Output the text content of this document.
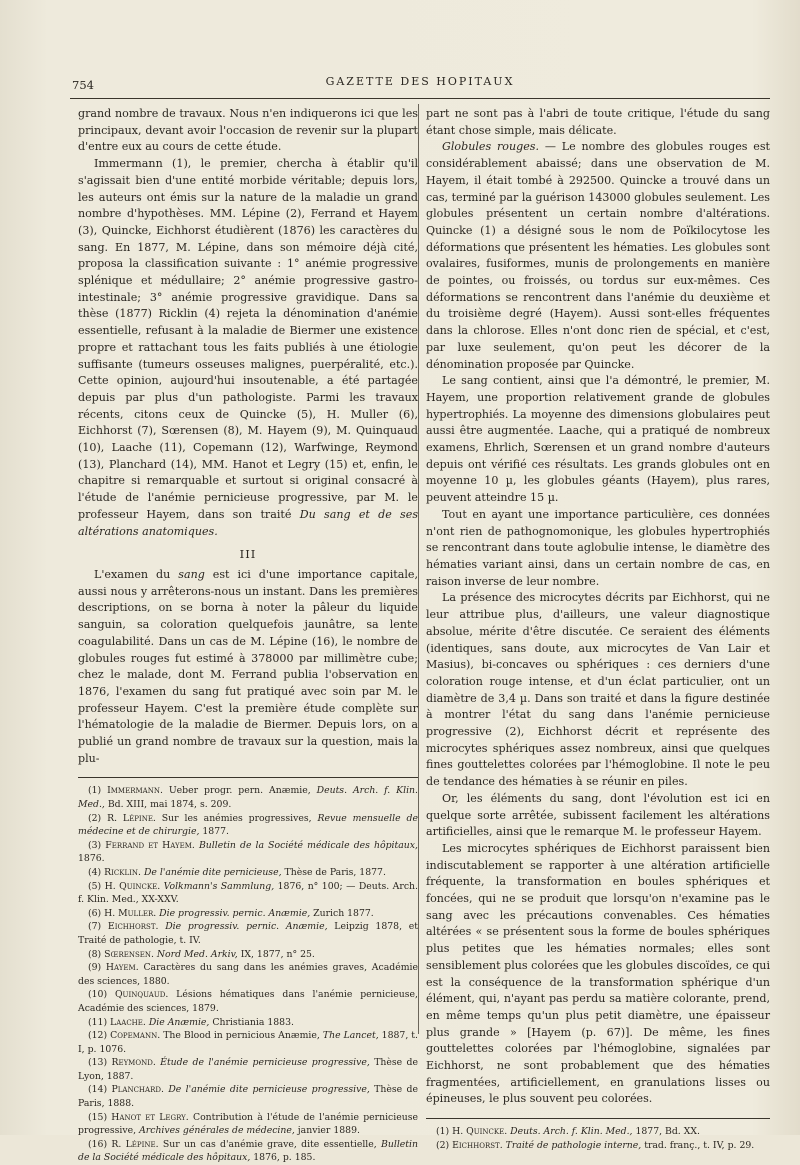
754	GAZETTE DES HOPITAUX

grand nombre de travaux. Nous n'en indiquerons ici que les principaux, devant avoir l'occasion de revenir sur la plupart d'entre eux au cours de cette étude.

Immermann (1), le premier, chercha à établir qu'il s'agissait bien d'une entité morbide véritable; depuis lors, les auteurs ont émis sur la nature de la maladie un grand nombre d'hypothèses. MM. Lépine (2), Ferrand et Hayem (3), Quincke, Eichhorst étudièrent (1876) les caractères du sang. En 1877, M. Lépine, dans son mémoire déjà cité, proposa la classification suivante : 1° anémie progressive splénique et médullaire; 2° anémie progressive gastro-intestinale; 3° anémie progressive gravidique. Dans sa thèse (1877) Ricklin (4) rejeta la dénomination d'anémie essentielle, refusant à la maladie de Biermer une existence propre et rattachant tous les faits publiés à une étiologie suffisante (tumeurs osseuses malignes, puerpéralité, etc.). Cette opinion, aujourd'hui insoutenable, a été partagée depuis par plus d'un pathologiste. Parmi les travaux récents, citons ceux de Quincke (5), H. Muller (6), Eichhorst (7), Sœrensen (8), M. Hayem (9), M. Quinquaud (10), Laache (11), Copemann (12), Warfwinge, Reymond (13), Planchard (14), MM. Hanot et Legry (15) et, enfin, le chapitre si remarquable et surtout si original consacré à l'étude de l'anémie pernicieuse progressive, par M. le professeur Hayem, dans son traité Du sang et de ses altérations anatomiques.

III

L'examen du sang est ici d'une importance capitale, aussi nous y arrêterons-nous un instant. Dans les premières descriptions, on se borna à noter la pâleur du liquide sanguin, sa coloration quelquefois jaunâtre, sa lente coagulabilité. Dans un cas de M. Lépine (16), le nombre de globules rouges fut estimé à 378000 par millimètre cube; chez le malade, dont M. Ferrand publia l'observation en 1876, l'examen du sang fut pratiqué avec soin par M. le professeur Hayem. C'est la première étude complète sur l'hématologie de la maladie de Biermer. Depuis lors, on a publié un grand nombre de travaux sur la question, mais la plu-

(1) Immermann. Ueber progr. pern. Anæmie, Deuts. Arch. f. Klin. Med., Bd. XIII, mai 1874, s. 209.

(2) R. Lépine. Sur les anémies progressives, Revue mensuelle de médecine et de chirurgie, 1877.

(3) Ferrand et Hayem. Bulletin de la Société médicale des hôpitaux, 1876.

(4) Ricklin. De l'anémie dite pernicieuse, Thèse de Paris, 1877.

(5) H. Quincke. Volkmann's Sammlung, 1876, n° 100; — Deuts. Arch. f. Klin. Med., XX-XXV.

(6) H. Muller. Die progressiv. pernic. Anæmie, Zurich 1877.

(7) Eichhorst. Die progressiv. pernic. Anæmie, Leipzig 1878, et Traité de pathologie, t. IV.

(8) Sœrensen. Nord Med. Arkiv, IX, 1877, n° 25.

(9) Hayem. Caractères du sang dans les anémies graves, Académie des sciences, 1880.

(10) Quinquaud. Lésions hématiques dans l'anémie pernicieuse, Académie des sciences, 1879.

(11) Laache. Die Anæmie, Christiania 1883.

(12) Copemann. The Blood in pernicious Anæmie, The Lancet, 1887, t. I, p. 1076.

(13) Reymond. Étude de l'anémie pernicieuse progressive, Thèse de Lyon, 1887.

(14) Planchard. De l'anémie dite pernicieuse progressive, Thèse de Paris, 1888.

(15) Hanot et Legry. Contribution à l'étude de l'anémie pernicieuse progressive, Archives générales de médecine, janvier 1889.

(16) R. Lépine. Sur un cas d'anémie grave, dite essentielle, Bulletin de la Société médicale des hôpitaux, 1876, p. 185.

part ne sont pas à l'abri de toute critique, l'étude du sang étant chose simple, mais délicate.

Globules rouges. — Le nombre des globules rouges est considérablement abaissé; dans une observation de M. Hayem, il était tombé à 292500. Quincke a trouvé dans un cas, terminé par la guérison 143000 globules seulement. Les globules présentent un certain nombre d'altérations. Quincke (1) a désigné sous le nom de Poïkilocytose les déformations que présentent les hématies. Les globules sont ovalaires, fusiformes, munis de prolongements en manière de pointes, ou froissés, ou tordus sur eux-mêmes. Ces déformations se rencontrent dans l'anémie du deuxième et du troisième degré (Hayem). Aussi sont-elles fréquentes dans la chlorose. Elles n'ont donc rien de spécial, et c'est, par luxe seulement, qu'on peut les décorer de la dénomination proposée par Quincke.

Le sang contient, ainsi que l'a démontré, le premier, M. Hayem, une proportion relativement grande de globules hypertrophiés. La moyenne des dimensions globulaires peut aussi être augmentée. Laache, qui a pratiqué de nombreux examens, Ehrlich, Sœrensen et un grand nombre d'auteurs depuis ont vérifié ces résultats. Les grands globules ont en moyenne 10 µ, les globules géants (Hayem), plus rares, peuvent atteindre 15 µ.

Tout en ayant une importance particulière, ces données n'ont rien de pathognomonique, les globules hypertrophiés se rencontrant dans toute aglobulie intense, le diamètre des hématies variant ainsi, dans un certain nombre de cas, en raison inverse de leur nombre.

La présence des microcytes décrits par Eichhorst, qui ne leur attribue plus, d'ailleurs, une valeur diagnostique absolue, mérite d'être discutée. Ce seraient des éléments (identiques, sans doute, aux microcytes de Van Lair et Masius), bi-concaves ou sphériques : ces derniers d'une coloration rouge intense, et d'un éclat particulier, ont un diamètre de 3,4 µ. Dans son traité et dans la figure destinée à montrer l'état du sang dans l'anémie pernicieuse progressive (2), Eichhorst décrit et représente des microcytes sphériques assez nombreux, ainsi que quelques fines gouttelettes colorées par l'hémoglobine. Il note le peu de tendance des hématies à se réunir en piles.

Or, les éléments du sang, dont l'évolution est ici en quelque sorte arrêtée, subissent facilement les altérations artificielles, ainsi que le remarque M. le professeur Hayem.

Les microcytes sphériques de Eichhorst paraissent bien indiscutablement se rapporter à une altération artificielle fréquente, la transformation en boules sphériques et foncées, qui ne se produit que lorsqu'on n'examine pas le sang avec les précautions convenables. Ces hématies altérées « se présentent sous la forme de boules sphériques plus petites que les hématies normales; elles sont sensiblement plus colorées que les globules discoïdes, ce qui est la conséquence de la transformation sphérique d'un élément, qui, n'ayant pas perdu sa matière colorante, prend, en même temps qu'un plus petit diamètre, une épaisseur plus grande » [Hayem (p. 67)]. De même, les fines gouttelettes colorées par l'hémoglobine, signalées par Eichhorst, ne sont probablement que des hématies fragmentées, artificiellement, en granulations lisses ou épineuses, le plus souvent peu colorées.

(1) H. Quincke. Deuts. Arch. f. Klin. Med., 1877, Bd. XX.

(2) Eichhorst. Traité de pathologie interne, trad. franç., t. IV, p. 29.
